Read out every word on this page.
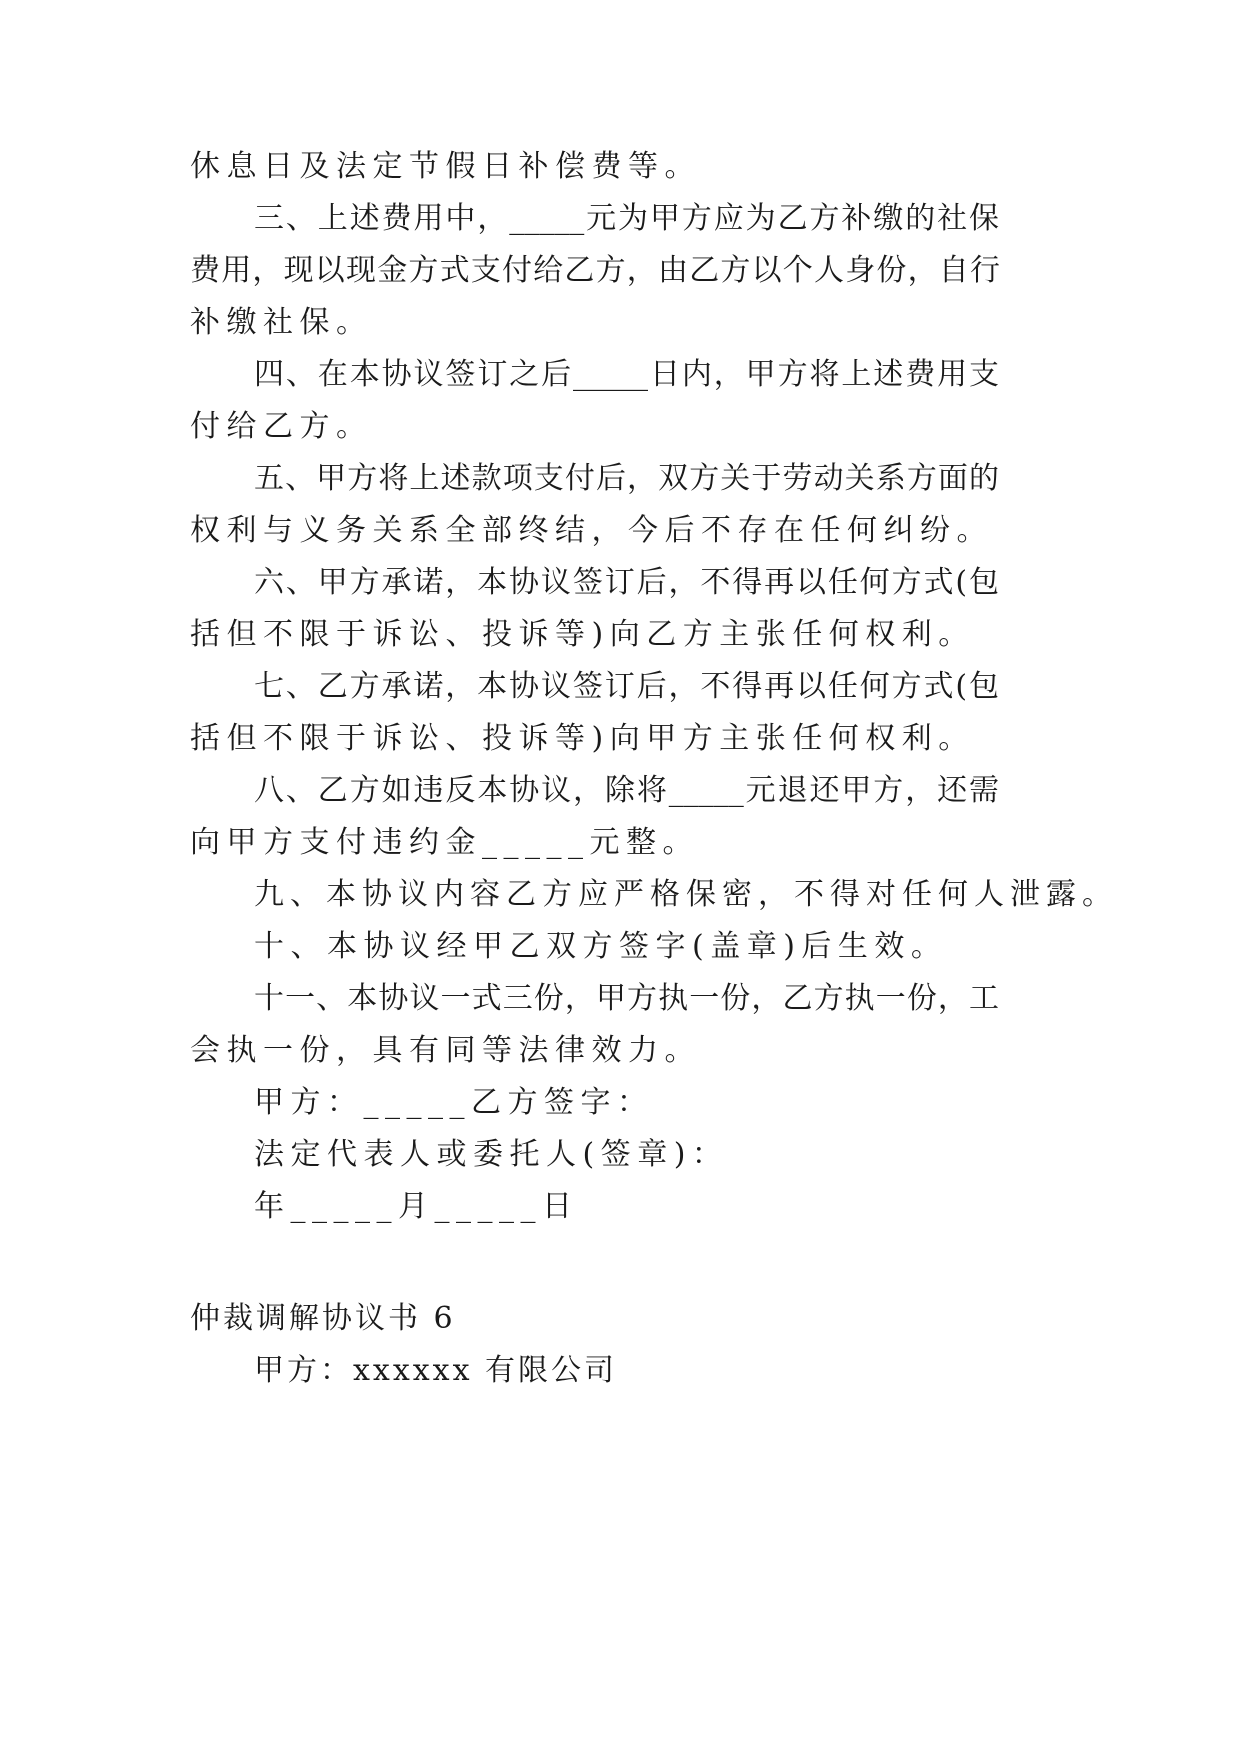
休息日及法定节假日补偿费等。
三、上述费用中，_____元为甲方应为乙方补缴的社保
费用，现以现金方式支付给乙方，由乙方以个人身份，自行
补缴社保。
四、在本协议签订之后_____日内，甲方将上述费用支
付给乙方。
五、甲方将上述款项支付后，双方关于劳动关系方面的
权利与义务关系全部终结，今后不存在任何纠纷。
六、甲方承诺，本协议签订后，不得再以任何方式(包
括但不限于诉讼、投诉等)向乙方主张任何权利。
七、乙方承诺，本协议签订后，不得再以任何方式(包
括但不限于诉讼、投诉等)向甲方主张任何权利。
八、乙方如违反本协议，除将_____元退还甲方，还需
向甲方支付违约金_____元整。
九、本协议内容乙方应严格保密，不得对任何人泄露。
十、本协议经甲乙双方签字(盖章)后生效。
十一、本协议一式三份，甲方执一份，乙方执一份，工
会执一份，具有同等法律效力。
甲方：_____乙方签字：
法定代表人或委托人(签章)：
年_____月_____日
仲裁调解协议书 6
甲方：xxxxxx 有限公司
